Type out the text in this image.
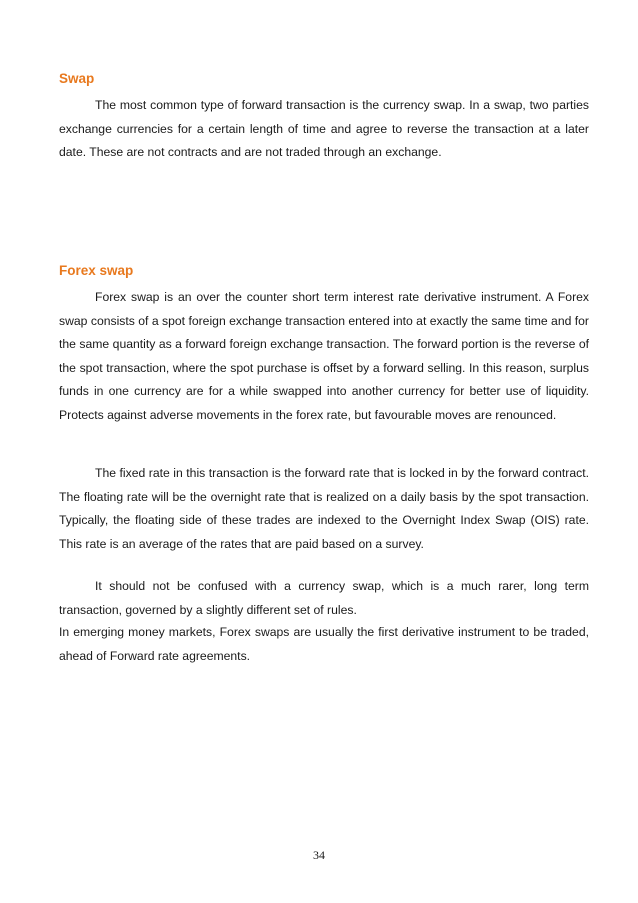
Swap

The most common type of forward transaction is the currency swap. In a swap, two parties exchange currencies for a certain length of time and agree to reverse the transaction at a later date. These are not contracts and are not traded through an exchange.

Forex swap

Forex swap is an over the counter short term interest rate derivative instrument. A Forex swap consists of a spot foreign exchange transaction entered into at exactly the same time and for the same quantity as a forward foreign exchange transaction. The forward portion is the reverse of the spot transaction, where the spot purchase is offset by a forward selling. In this reason, surplus funds in one currency are for a while swapped into another currency for better use of liquidity. Protects against adverse movements in the forex rate, but favourable moves are renounced.

The fixed rate in this transaction is the forward rate that is locked in by the forward contract. The floating rate will be the overnight rate that is realized on a daily basis by the spot transaction. Typically, the floating side of these trades are indexed to the Overnight Index Swap (OIS) rate. This rate is an average of the rates that are paid based on a survey.

It should not be confused with a currency swap, which is a much rarer, long term transaction, governed by a slightly different set of rules.

In emerging money markets, Forex swaps are usually the first derivative instrument to be traded, ahead of Forward rate agreements.

34
